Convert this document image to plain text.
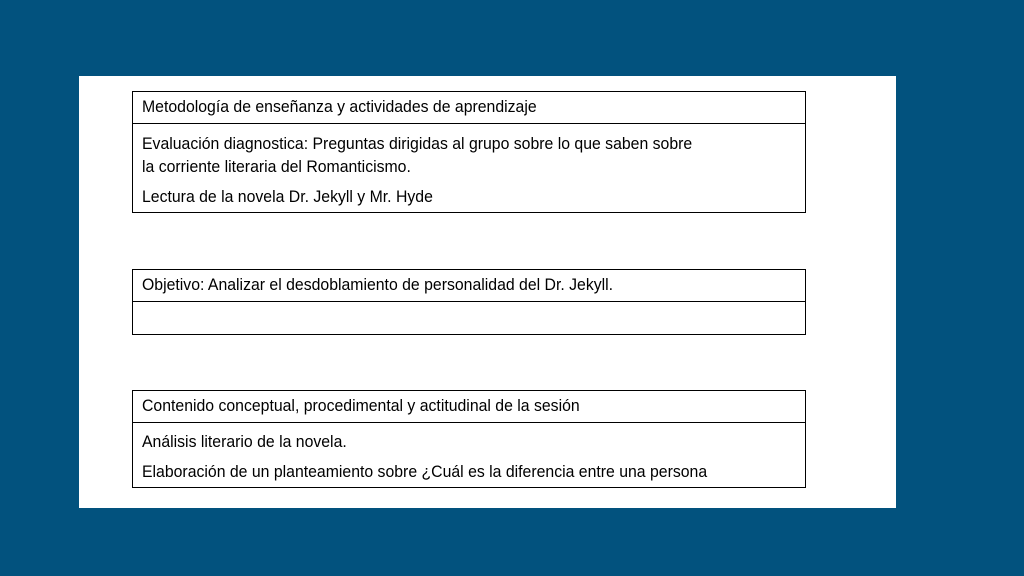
Metodología de enseñanza y actividades de aprendizaje
Evaluación diagnostica: Preguntas dirigidas al grupo sobre lo que saben sobre
la corriente literaria del Romanticismo.
Lectura de la novela Dr. Jekyll y Mr. Hyde
Objetivo: Analizar el desdoblamiento de personalidad del Dr. Jekyll.
Contenido conceptual, procedimental y actitudinal de la sesión
Análisis literario de la novela.
Elaboración de un planteamiento sobre ¿Cuál es la diferencia entre una persona
